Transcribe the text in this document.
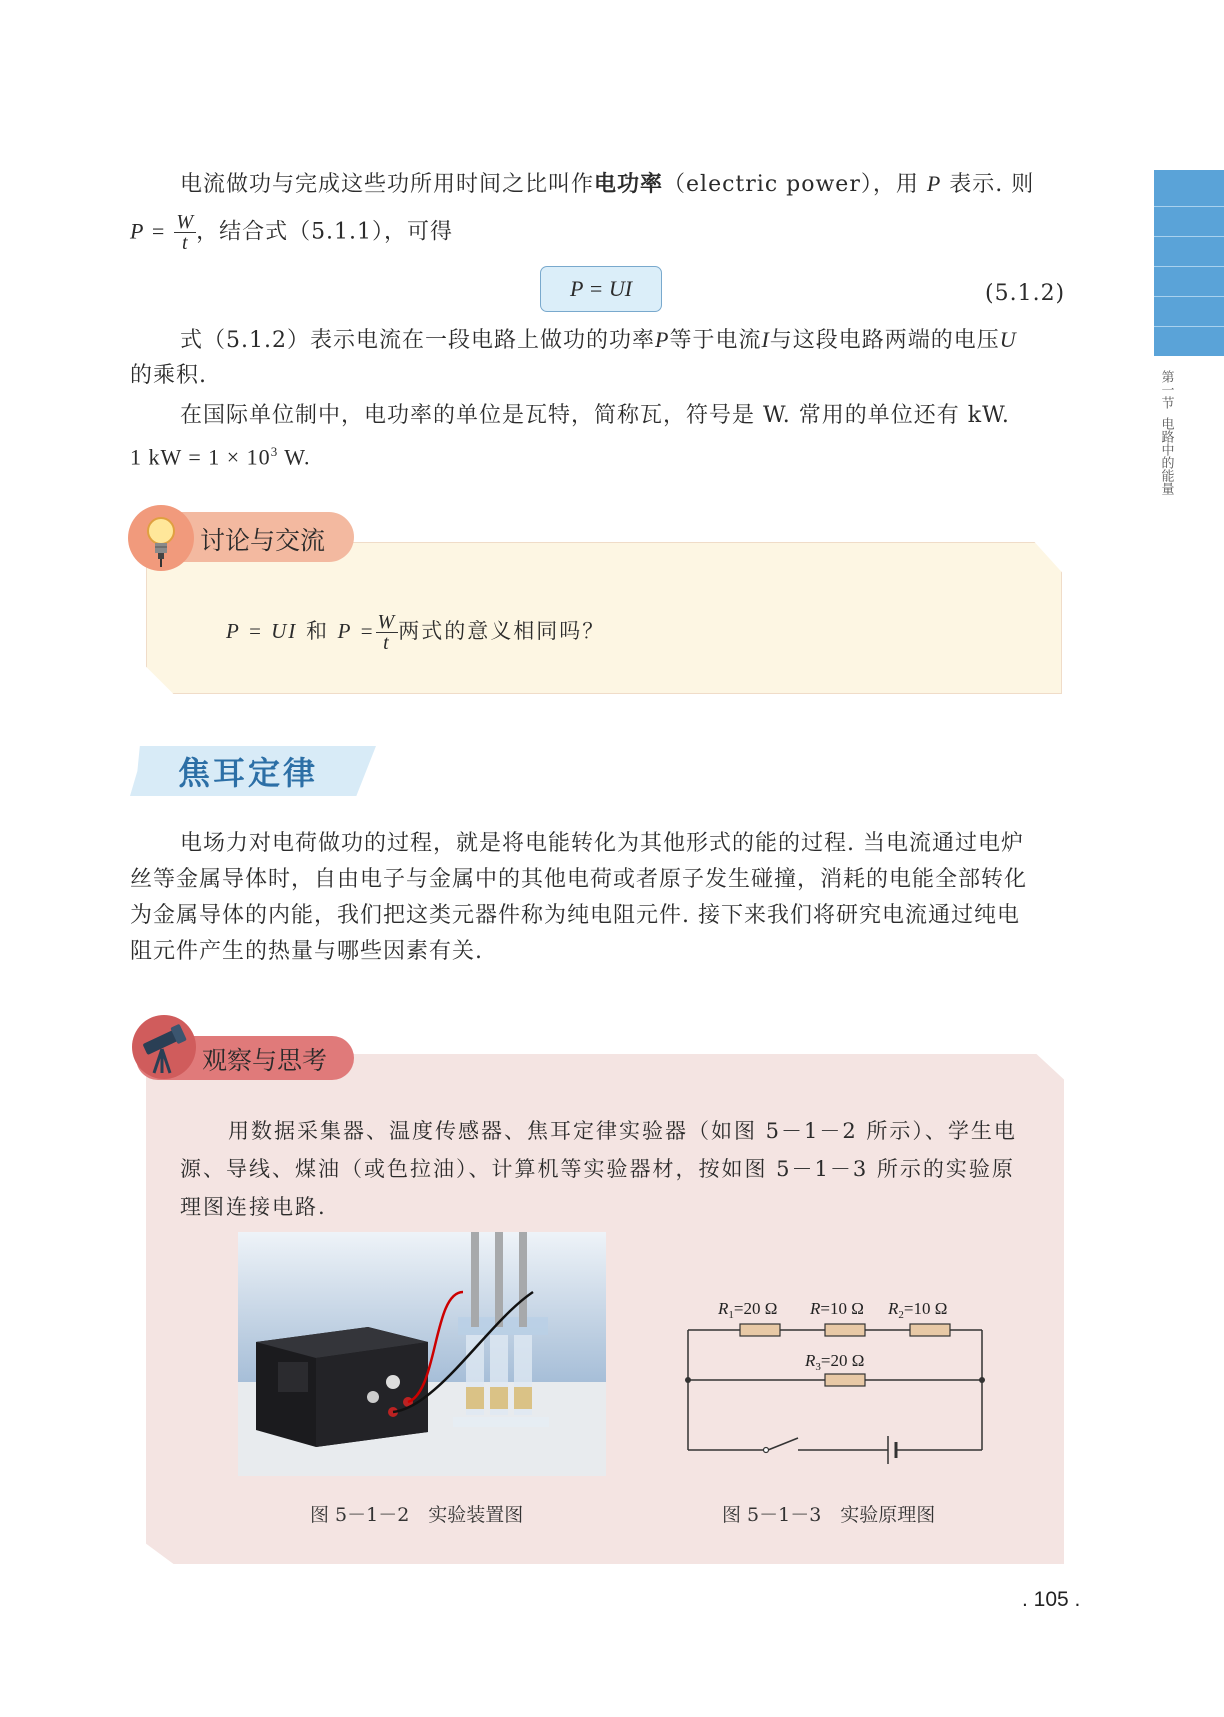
第一节
电路中的能量
电流做功与完成这些功所用时间之比叫作电功率（electric power），用 P 表示. 则
$P = \frac{W}{t}$ ，结合式（5.1.1），可得
P = UI	(5.1.2)
式（5.1.2）表示电流在一段电路上做功的功率P等于电流I与这段电路两端的电压U
的乘积.
在国际单位制中，电功率的单位是瓦特，简称瓦，符号是 W. 常用的单位还有 kW.
1 kW = $1 \times 10^3$ W.
讨论与交流
P = UI 和 $P = \frac{W}{t}$ 两式的意义相同吗？
焦耳定律
电场力对电荷做功的过程，就是将电能转化为其他形式的能的过程. 当电流通过电炉
丝等金属导体时，自由电子与金属中的其他电荷或者原子发生碰撞，消耗的电能全部转化
为金属导体的内能，我们把这类元器件称为纯电阻元件. 接下来我们将研究电流通过纯电
阻元件产生的热量与哪些因素有关.
观察与思考
用数据采集器、温度传感器、焦耳定律实验器（如图 5－1－2 所示）、学生电
源、导线、煤油（或色拉油）、计算机等实验器材，按如图 5－1－3 所示的实验原
理图连接电路.
$R_1=20$ Ω R=10 Ω $R_2=10$ Ω
$R_3=20$ Ω
图 5－1－2　实验装置图	图 5－1－3　实验原理图
. 105 .
